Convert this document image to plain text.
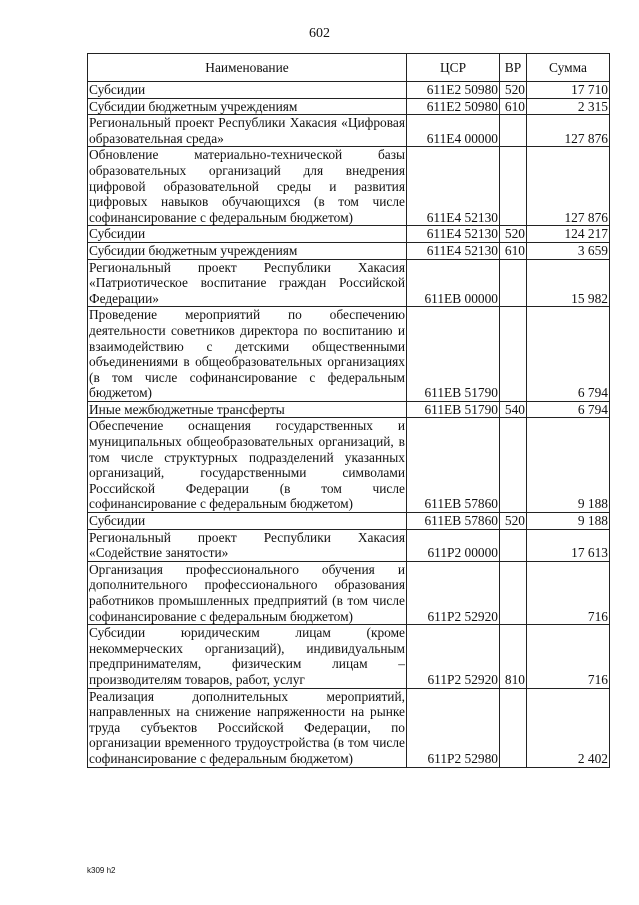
602
Наименование	ЦСР	ВР	Сумма
Субсидии	611E2 50980	520	17 710
Субсидии бюджетным учреждениям	611E2 50980	610	2 315
Региональный проект Республики Хакасия «Цифровая образовательная среда»	611E4 00000		127 876
Обновление материально-технической базы образовательных организаций для внедрения цифровой образовательной среды и развития цифровых навыков обучающихся (в том числе софинансирование с федеральным бюджетом)	611E4 52130		127 876
Субсидии	611E4 52130	520	124 217
Субсидии бюджетным учреждениям	611E4 52130	610	3 659
Региональный проект Республики Хакасия «Патриотическое воспитание граждан Российской Федерации»	611EB 00000		15 982
Проведение мероприятий по обеспечению деятельности советников директора по воспитанию и взаимодействию с детскими общественными объединениями в общеобразовательных организациях (в том числе софинансирование с федеральным бюджетом)	611EB 51790		6 794
Иные межбюджетные трансферты	611EB 51790	540	6 794
Обеспечение оснащения государственных и муниципальных общеобразовательных организаций, в том числе структурных подразделений указанных организаций, государственными символами Российской Федерации (в том числе софинансирование с федеральным бюджетом)	611EB 57860		9 188
Субсидии	611EB 57860	520	9 188
Региональный проект Республики Хакасия «Содействие занятости»	611P2 00000		17 613
Организация профессионального обучения и дополнительного профессионального образования работников промышленных предприятий (в том числе софинансирование с федеральным бюджетом)	611P2 52920		716
Субсидии юридическим лицам (кроме некоммерческих организаций), индивидуальным предпринимателям, физическим лицам – производителям товаров, работ, услуг	611P2 52920	810	716
Реализация дополнительных мероприятий, направленных на снижение напряженности на рынке труда субъектов Российской Федерации, по организации временного трудоустройства (в том числе софинансирование с федеральным бюджетом)	611P2 52980		2 402
k309 h2
